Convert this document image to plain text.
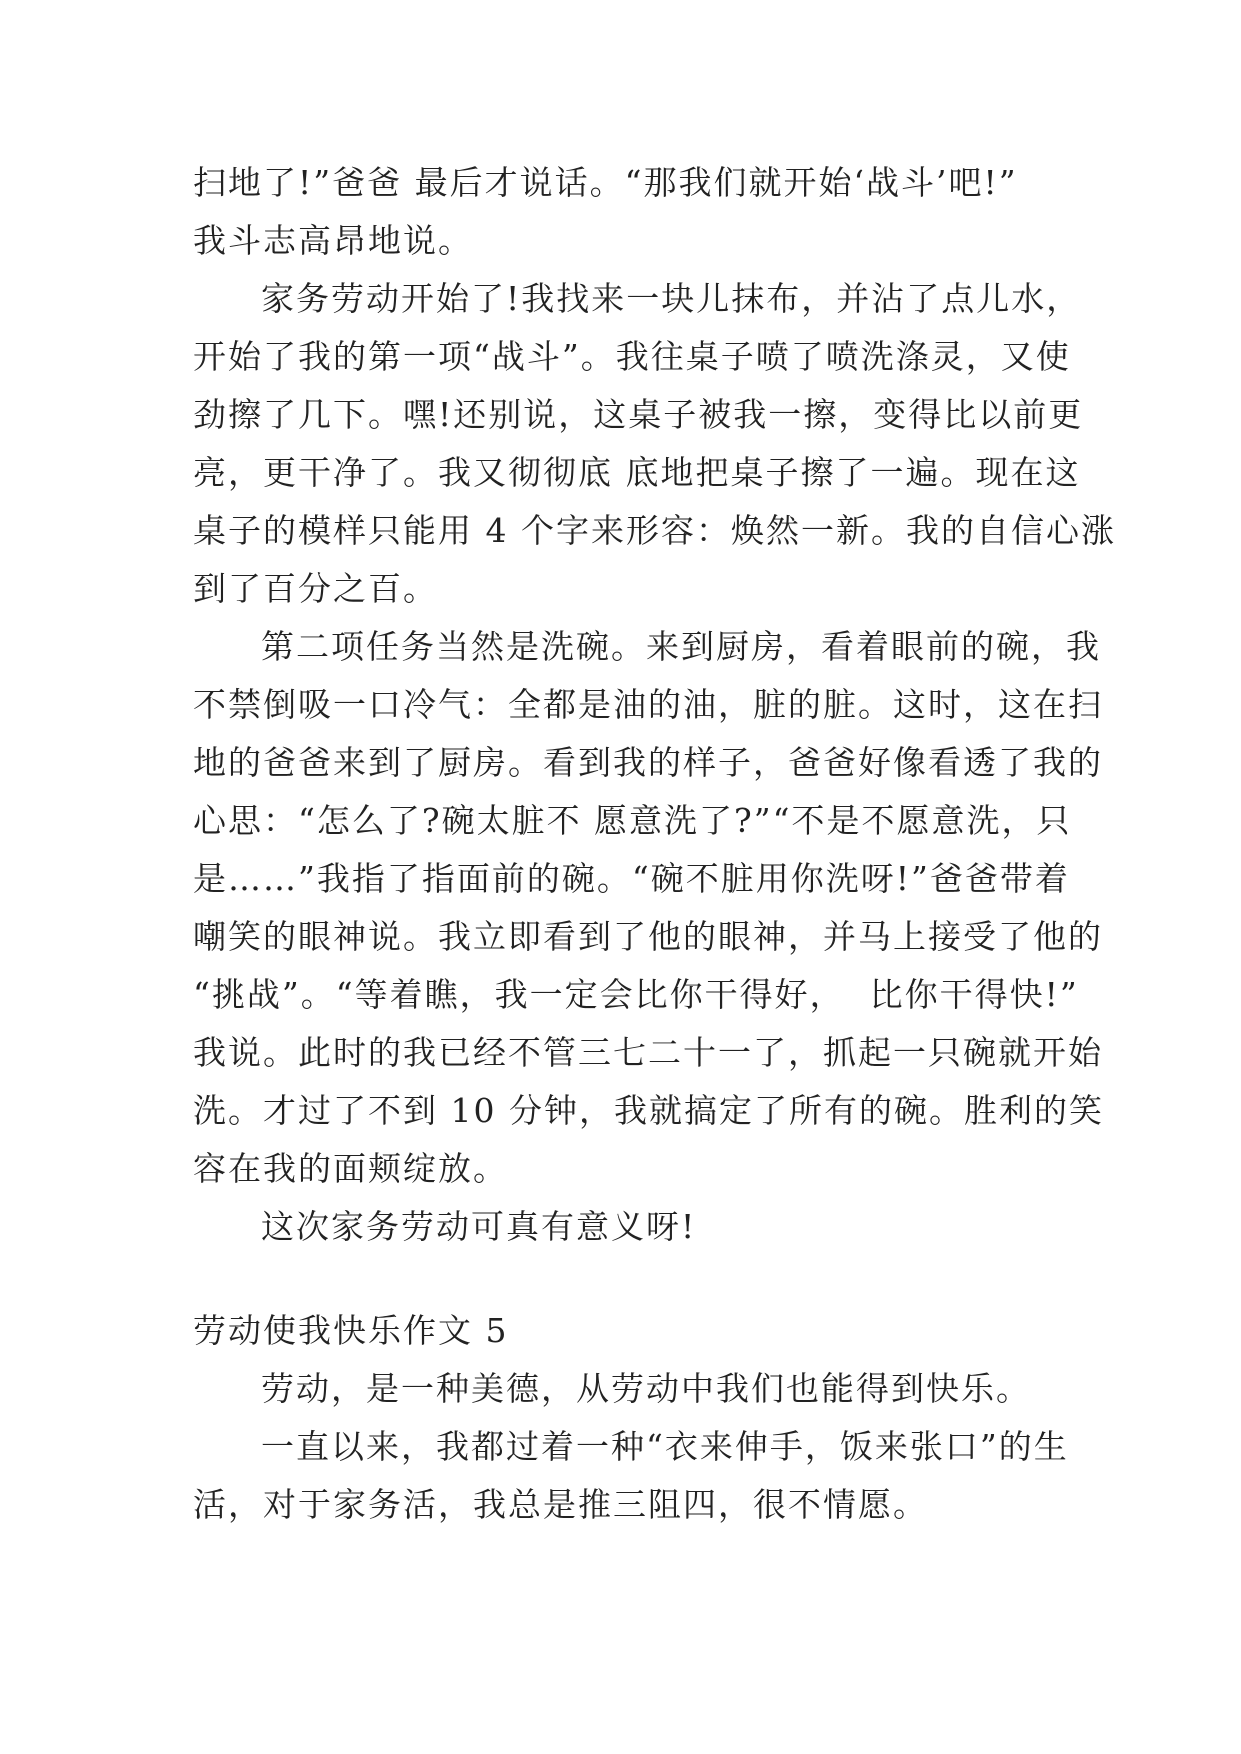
扫地了!”爸爸 最后才说话。“那我们就开始‘战斗’吧!”
我斗志高昂地说。
家务劳动开始了!我找来一块儿抹布，并沾了点儿水，
开始了我的第一项“战斗”。我往桌子喷了喷洗涤灵，又使
劲擦了几下。嘿!还别说，这桌子被我一擦，变得比以前更
亮，更干净了。我又彻彻底 底地把桌子擦了一遍。现在这
桌子的模样只能用 4 个字来形容：焕然一新。我的自信心涨
到了百分之百。
第二项任务当然是洗碗。来到厨房，看着眼前的碗，我
不禁倒吸一口冷气：全都是油的油，脏的脏。这时，这在扫
地的爸爸来到了厨房。看到我的样子，爸爸好像看透了我的
心思：“怎么了?碗太脏不 愿意洗了?”“不是不愿意洗，只
是……”我指了指面前的碗。“碗不脏用你洗呀!”爸爸带着
嘲笑的眼神说。我立即看到了他的眼神，并马上接受了他的
“挑战”。“等着瞧，我一定会比你干得好，  比你干得快!”
我说。此时的我已经不管三七二十一了，抓起一只碗就开始
洗。才过了不到 10 分钟，我就搞定了所有的碗。胜利的笑
容在我的面颊绽放。
这次家务劳动可真有意义呀!
劳动使我快乐作文 5
劳动，是一种美德，从劳动中我们也能得到快乐。
一直以来，我都过着一种“衣来伸手，饭来张口”的生
活，对于家务活，我总是推三阻四，很不情愿。
